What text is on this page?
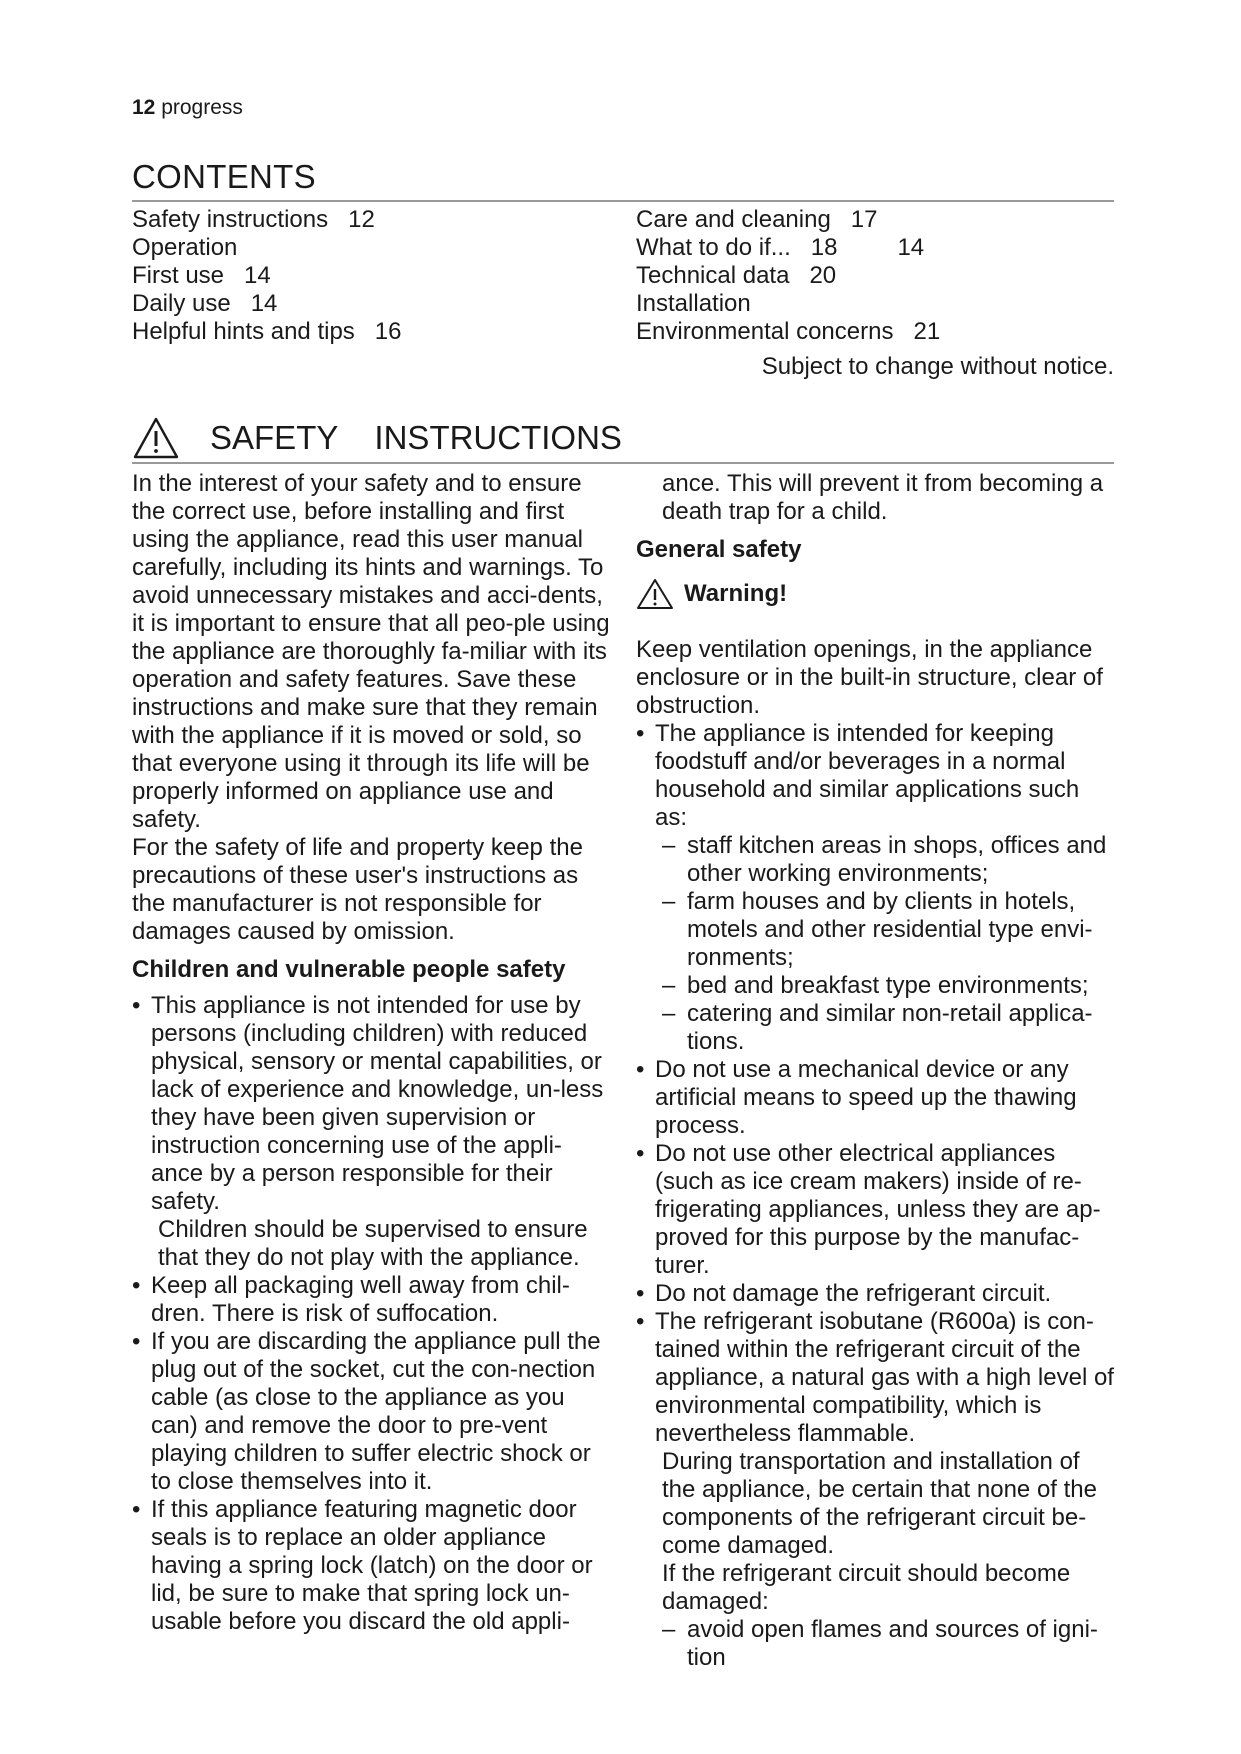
12 progress
CONTENTS
Safety instructions   12
Operation
First use   14
Daily use   14
Helpful hints and tips   16
Care and cleaning   17
What to do if...   18         14
Technical data   20
Installation
Environmental concerns   21
Subject to change without notice.
SAFETY    INSTRUCTIONS

In the interest of your safety and to ensure the correct use, before installing and first using the appliance, read this user manual carefully, including its hints and warnings. To avoid unnecessary mistakes and acci-dents, it is important to ensure that all peo-ple using the appliance are thoroughly fa-miliar with its operation and safety features. Save these instructions and make sure that they remain with the appliance if it is moved or sold, so that everyone using it through its life will be properly informed on appliance use and safety.

For the safety of life and property keep the precautions of these user's instructions as the manufacturer is not responsible for damages caused by omission.

Children and vulnerable people safety

• This appliance is not intended for use by persons (including children) with reduced physical, sensory or mental capabilities, or lack of experience and knowledge, un-less they have been given supervision or instruction concerning use of the appli-ance by a person responsible for their safety.

Children should be supervised to ensure that they do not play with the appliance.

• Keep all packaging well away from chil-dren. There is risk of suffocation.

• If you are discarding the appliance pull the plug out of the socket, cut the con-nection cable (as close to the appliance as you can) and remove the door to pre-vent playing children to suffer electric shock or to close themselves into it.

• If this appliance featuring magnetic door seals is to replace an older appliance having a spring lock (latch) on the door or lid, be sure to make that spring lock un-usable before you discard the old appli-

ance. This will prevent it from becoming a death trap for a child.

General safety
Warning!

Keep ventilation openings, in the appliance enclosure or in the built-in structure, clear of obstruction.

• The appliance is intended for keeping foodstuff and/or beverages in a normal household and similar applications such as:

– staff kitchen areas in shops, offices and other working environments;

– farm houses and by clients in hotels, motels and other residential type envi-ronments;

– bed and breakfast type environments;

– catering and similar non-retail applica-tions.

• Do not use a mechanical device or any artificial means to speed up the thawing process.

• Do not use other electrical appliances (such as ice cream makers) inside of re-frigerating appliances, unless they are ap-proved for this purpose by the manufac-turer.

• Do not damage the refrigerant circuit.

• The refrigerant isobutane (R600a) is con-tained within the refrigerant circuit of the appliance, a natural gas with a high level of environmental compatibility, which is nevertheless flammable.

During transportation and installation of the appliance, be certain that none of the components of the refrigerant circuit be-come damaged.

If the refrigerant circuit should become damaged:

– avoid open flames and sources of igni-tion
